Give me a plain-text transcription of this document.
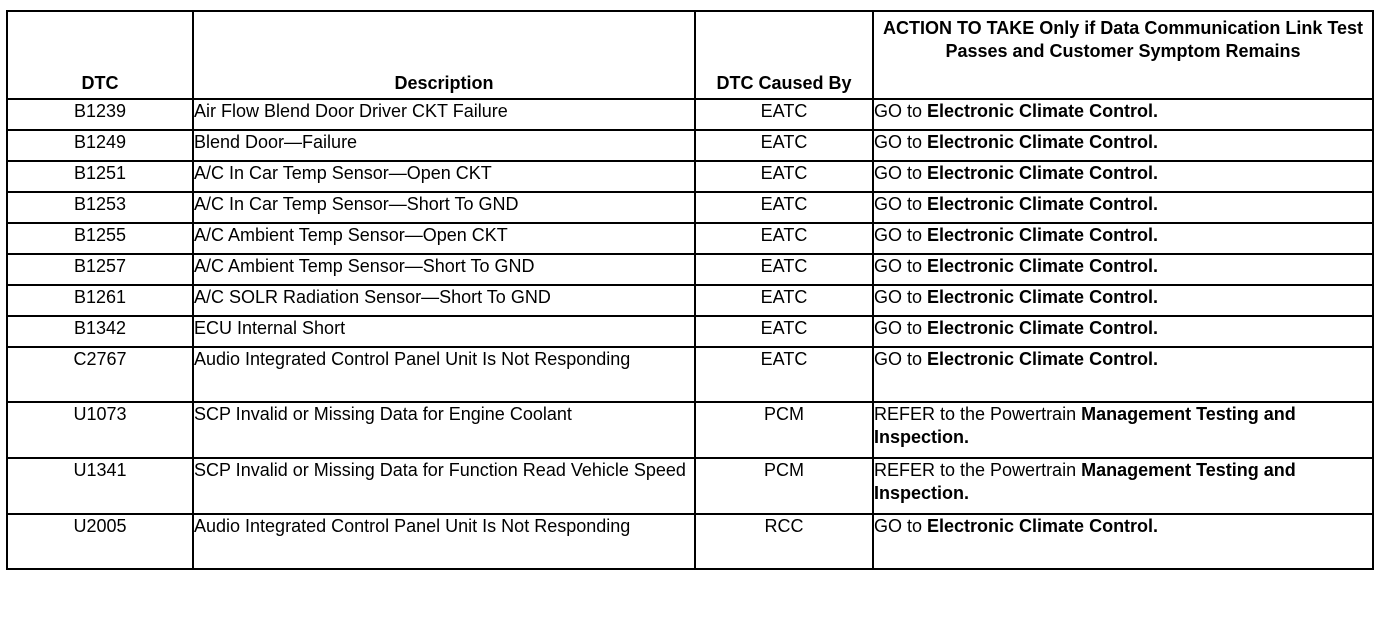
DTC	Description	DTC Caused By	ACTION TO TAKE Only if Data Communication Link Test Passes and Customer Symptom Remains
B1239	Air Flow Blend Door Driver CKT Failure	EATC	GO to Electronic Climate Control.
B1249	Blend Door—Failure	EATC	GO to Electronic Climate Control.
B1251	A/C In Car Temp Sensor—Open CKT	EATC	GO to Electronic Climate Control.
B1253	A/C In Car Temp Sensor—Short To GND	EATC	GO to Electronic Climate Control.
B1255	A/C Ambient Temp Sensor—Open CKT	EATC	GO to Electronic Climate Control.
B1257	A/C Ambient Temp Sensor—Short To GND	EATC	GO to Electronic Climate Control.
B1261	A/C SOLR Radiation Sensor—Short To GND	EATC	GO to Electronic Climate Control.
B1342	ECU Internal Short	EATC	GO to Electronic Climate Control.
C2767	Audio Integrated Control Panel Unit Is Not Responding	EATC	GO to Electronic Climate Control.
U1073	SCP Invalid or Missing Data for Engine Coolant	PCM	REFER to the Powertrain Management Testing and Inspection.
U1341	SCP Invalid or Missing Data for Function Read Vehicle Speed	PCM	REFER to the Powertrain Management Testing and Inspection.
U2005	Audio Integrated Control Panel Unit Is Not Responding	RCC	GO to Electronic Climate Control.
